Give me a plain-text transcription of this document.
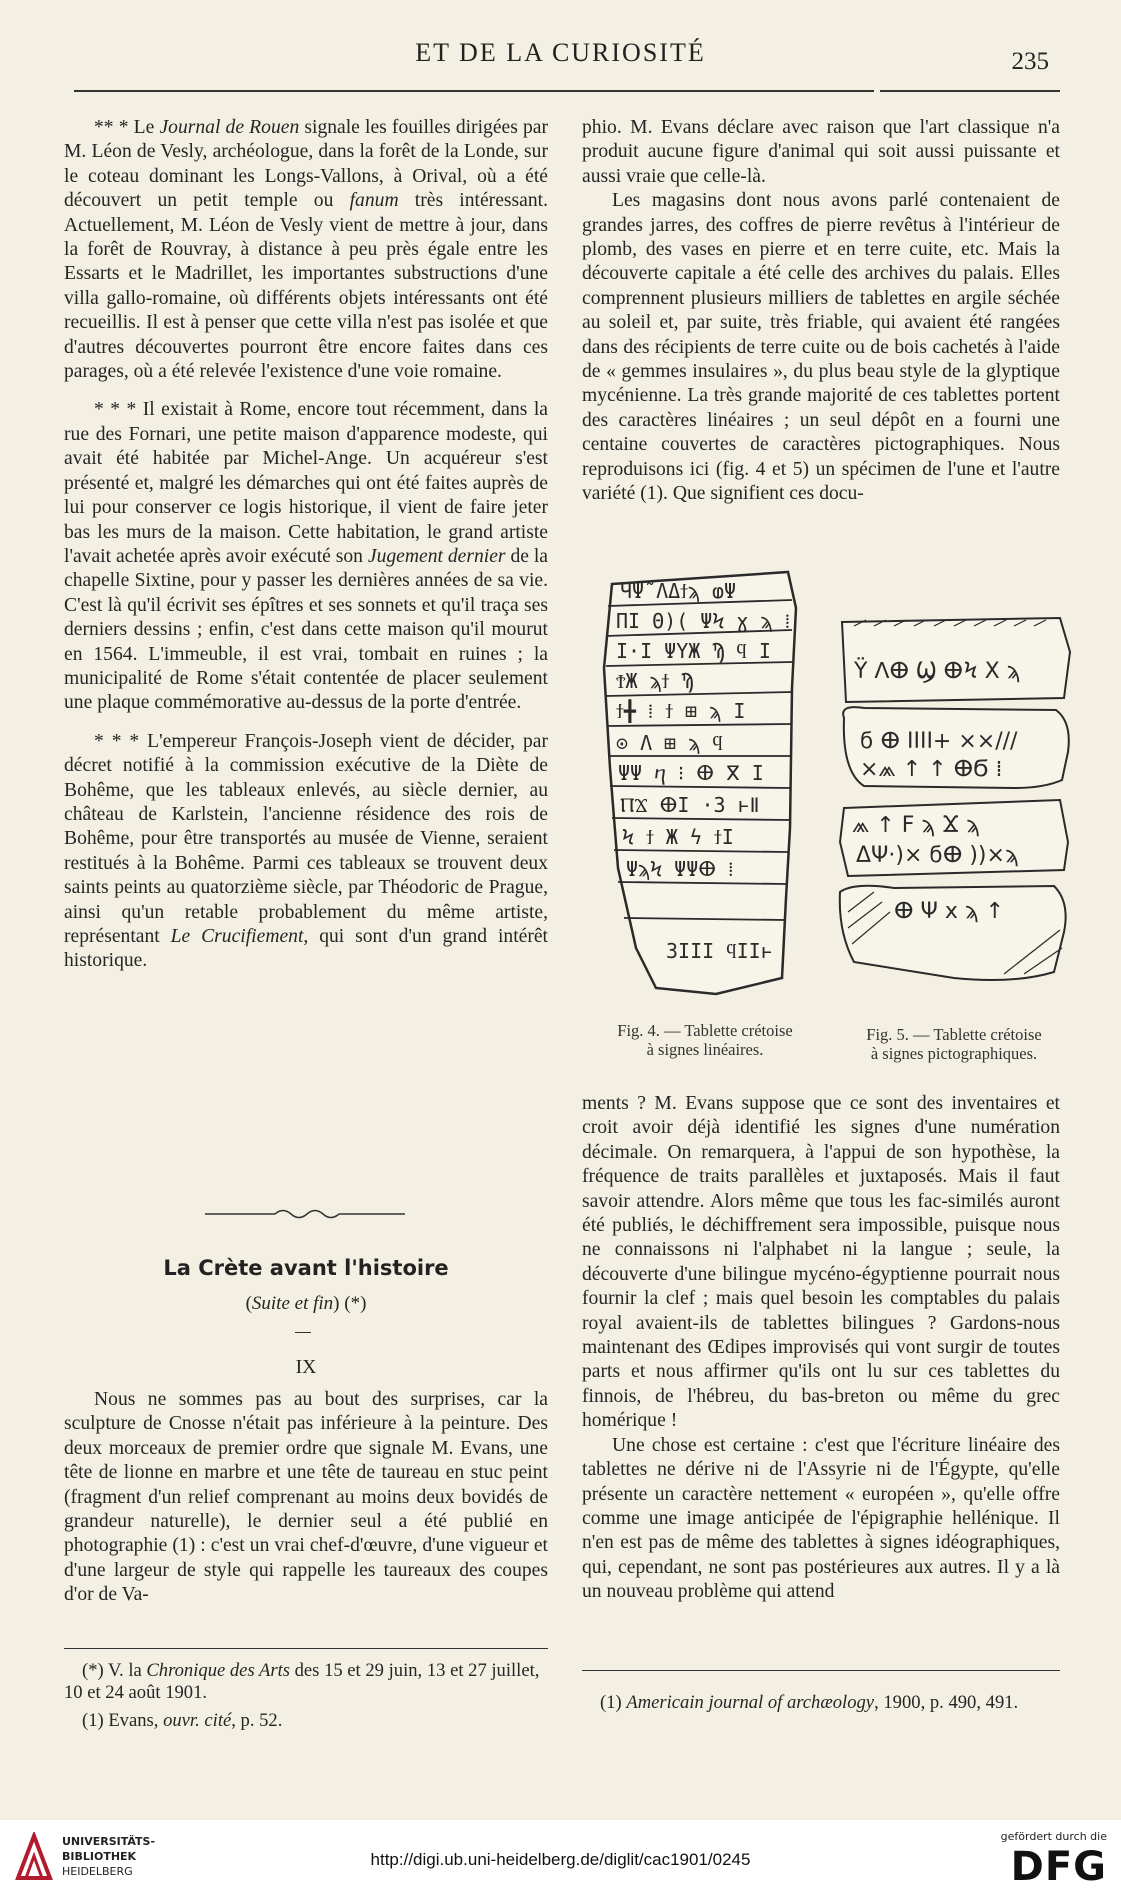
ET DE LA CURIOSITÉ	235

** * Le Journal de Rouen signale les fouilles dirigées par M. Léon de Vesly, archéologue, dans la forêt de la Londe, sur le coteau dominant les Longs-Vallons, à Orival, où a été découvert un petit temple ou fanum très intéressant. Actuellement, M. Léon de Vesly vient de mettre à jour, dans la forêt de Rouvray, à distance à peu près égale entre les Essarts et le Madrillet, les importantes substructions d'une villa gallo-romaine, où différents objets intéressants ont été recueillis. Il est à penser que cette villa n'est pas isolée et que d'autres découvertes pourront être encore faites dans ces parages, où a été relevée l'existence d'une voie romaine.

* * * Il existait à Rome, encore tout récemment, dans la rue des Fornari, une petite maison d'apparence modeste, qui avait été habitée par Michel-Ange. Un acquéreur s'est présenté et, malgré les démarches qui ont été faites auprès de lui pour conserver ce logis historique, il vient de faire jeter bas les murs de la maison. Cette habitation, le grand artiste l'avait achetée après avoir exécuté son Jugement dernier de la chapelle Sixtine, pour y passer les dernières années de sa vie. C'est là qu'il écrivit ses épîtres et ses sonnets et qu'il traça ses derniers dessins ; enfin, c'est dans cette maison qu'il mourut en 1564. L'immeuble, il est vrai, tombait en ruines ; la municipalité de Rome s'était contentée de placer seulement une plaque commémorative au-dessus de la porte d'entrée.

* * * L'empereur François-Joseph vient de décider, par décret notifié à la commission exécutive de la Diète de Bohême, que les tableaux enlevés, au siècle dernier, au château de Karlstein, l'ancienne résidence des rois de Bohême, pour être transportés au musée de Vienne, seraient restitués à la Bohême. Parmi ces tableaux se trouvent deux saints peints au quatorzième siècle, par Théodoric de Prague, ainsi qu'un retable probablement du même artiste, représentant Le Crucifiement, qui sont d'un grand intérêt historique.

La Crète avant l'histoire
(Suite et fin) (*)
IX

Nous ne sommes pas au bout des surprises, car la sculpture de Cnosse n'était pas inférieure à la peinture. Des deux morceaux de premier ordre que signale M. Evans, une tête de lionne en marbre et une tête de taureau en stuc peint (fragment d'un relief comprenant au moins deux bovidés de grandeur naturelle), le dernier seul a été publié en photographie (1) : c'est un vrai chef-d'œuvre, d'une vigueur et d'une largeur de style qui rappelle les taureaux des coupes d'or de Va-

(*) V. la Chronique des Arts des 15 et 29 juin, 13 et 27 juillet, 10 et 24 août 1901.
(1) Evans, ouvr. cité, p. 52.

phio. M. Evans déclare avec raison que l'art classique n'a produit aucune figure d'animal qui soit aussi puissante et aussi vraie que celle-là.

Les magasins dont nous avons parlé contenaient de grandes jarres, des coffres de pierre revêtus à l'intérieur de plomb, des vases en pierre et en terre cuite, etc. Mais la découverte capitale a été celle des archives du palais. Elles comprennent plusieurs milliers de tablettes en argile séchée au soleil et, par suite, très friable, qui avaient été rangées dans des récipients de terre cuite ou de bois cachetés à l'aide de « gemmes insulaires », du plus beau style de la glyptique mycénienne. La très grande majorité de ces tablettes portent des caractères linéaires ; un seul dépôt en a fourni une centaine couvertes de caractères pictographiques. Nous reproduisons ici (fig. 4 et 5) un spécimen de l'une et l'autre variété (1). Que signifient ces docu-

ЧΨ̃ ΛΔϯϡ ⱷΨ
ΠΙ Θ)( ΨϞ ɣ ϡ ⁞
Ι·Ι ΨΥЖ Ϡ ϥ Ι
ϮЖ ϡϯ Ϡ
ϯ╋ ⁞ ϯ ⊞ ϡ Ι
⊙ Λ ⊞ ϡ ϥ
ΨΨ ⴄ ⁝ ⴲ ⴳ Ι
ⲠϪ ⴲΙ ·3 ⱶⅡ
Ϟ ϯ Ж ϟ ϯΙ
ΨϡϞ ΨΨⴲ ⁞
3ΙΙΙ ϥΙΙⱶ
Ϋ ⴷⴲ Ϣ ⴲϞ X ϡ
ϭ ⴲ ΙΙΙΙ+ ××///
×⩕ ↑ ↑ ⴲϬ ⁞
⩕ ↑ Ϝ ϡ Ϫ ϡ
ΔΨ·)× ϭⴲ ))×ϡ
ⴲ Ψ x ϡ ↑
Fig. 4. — Tablette crétoise
à signes linéaires.
Fig. 5. — Tablette crétoise
à signes pictographiques.

ments ? M. Evans suppose que ce sont des inventaires et croit avoir déjà identifié les signes d'une numération décimale. On remarquera, à l'appui de son hypothèse, la fréquence de traits parallèles et juxtaposés. Mais il faut savoir attendre. Alors même que tous les fac-similés auront été publiés, le déchiffrement sera impossible, puisque nous ne connaissons ni l'alphabet ni la langue ; seule, la découverte d'une bilingue mycéno-égyptienne pourrait nous fournir la clef ; mais quel besoin les comptables du palais royal avaient-ils de tablettes bilingues ? Gardons-nous maintenant des Œdipes improvisés qui vont surgir de toutes parts et nous affirmer qu'ils ont lu sur ces tablettes du finnois, de l'hébreu, du bas-breton ou même du grec homérique !

Une chose est certaine : c'est que l'écriture linéaire des tablettes ne dérive ni de l'Assyrie ni de l'Égypte, qu'elle présente un caractère nettement « européen », qu'elle offre comme une image anticipée de l'épigraphie hellénique. Il n'en est pas de même des tablettes à signes idéographiques, qui, cependant, ne sont pas postérieures aux autres. Il y a là un nouveau problème qui attend

(1) Americain journal of archæology, 1900, p. 490, 491.
UNIVERSITÄTS-
BIBLIOTHEK
HEIDELBERG
http://digi.ub.uni-heidelberg.de/diglit/cac1901/0245
gefördert durch die
DFG
